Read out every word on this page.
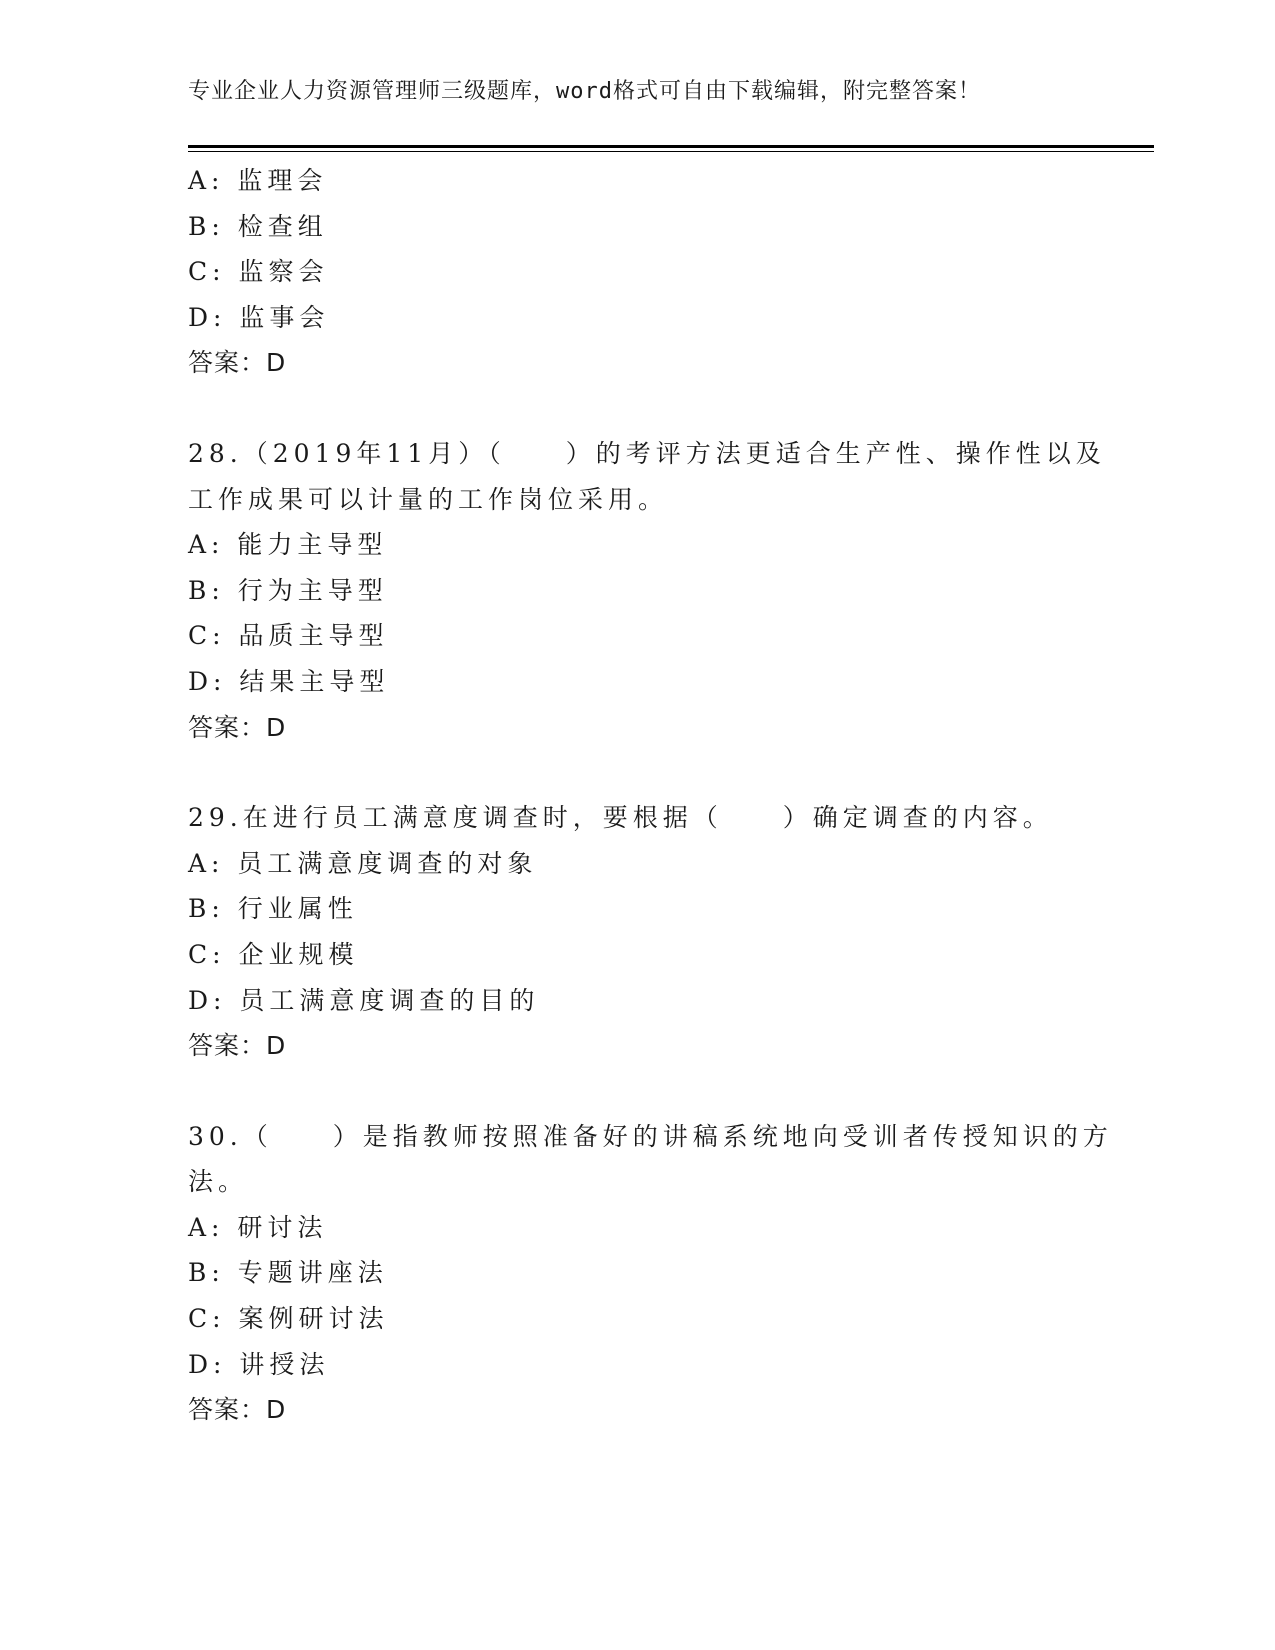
专业企业人力资源管理师三级题库，word格式可自由下载编辑，附完整答案！
A: 监理会
B: 检查组
C: 监察会
D: 监事会
答案：D
28.（2019年11月）（　　）的考评方法更适合生产性、操作性以及
工作成果可以计量的工作岗位采用。
A: 能力主导型
B: 行为主导型
C: 品质主导型
D: 结果主导型
答案：D
29.在进行员工满意度调查时，要根据（　　）确定调查的内容。
A: 员工满意度调查的对象
B: 行业属性
C: 企业规模
D: 员工满意度调查的目的
答案：D
30.（　　）是指教师按照准备好的讲稿系统地向受训者传授知识的方
法。
A: 研讨法
B: 专题讲座法
C: 案例研讨法
D: 讲授法
答案：D
